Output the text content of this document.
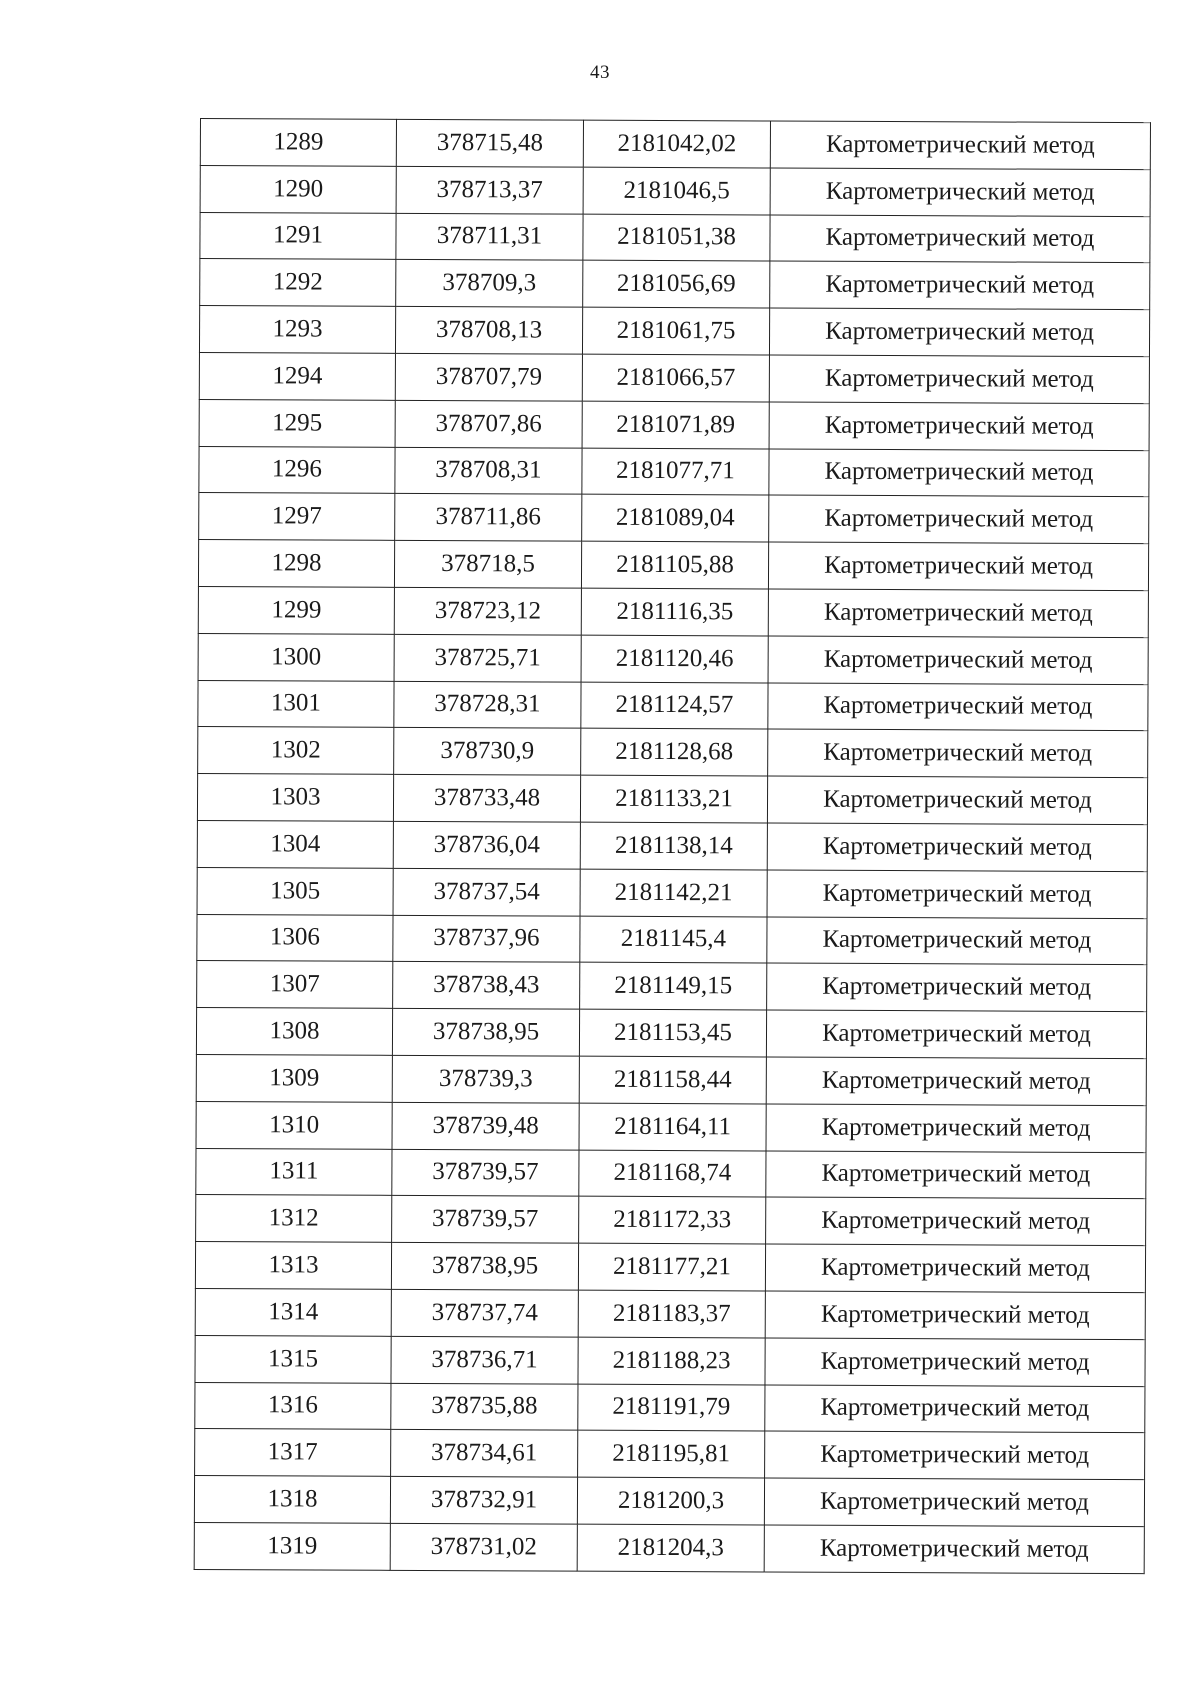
43
1289	378715,48	2181042,02	Картометрический метод
1290	378713,37	2181046,5	Картометрический метод
1291	378711,31	2181051,38	Картометрический метод
1292	378709,3	2181056,69	Картометрический метод
1293	378708,13	2181061,75	Картометрический метод
1294	378707,79	2181066,57	Картометрический метод
1295	378707,86	2181071,89	Картометрический метод
1296	378708,31	2181077,71	Картометрический метод
1297	378711,86	2181089,04	Картометрический метод
1298	378718,5	2181105,88	Картометрический метод
1299	378723,12	2181116,35	Картометрический метод
1300	378725,71	2181120,46	Картометрический метод
1301	378728,31	2181124,57	Картометрический метод
1302	378730,9	2181128,68	Картометрический метод
1303	378733,48	2181133,21	Картометрический метод
1304	378736,04	2181138,14	Картометрический метод
1305	378737,54	2181142,21	Картометрический метод
1306	378737,96	2181145,4	Картометрический метод
1307	378738,43	2181149,15	Картометрический метод
1308	378738,95	2181153,45	Картометрический метод
1309	378739,3	2181158,44	Картометрический метод
1310	378739,48	2181164,11	Картометрический метод
1311	378739,57	2181168,74	Картометрический метод
1312	378739,57	2181172,33	Картометрический метод
1313	378738,95	2181177,21	Картометрический метод
1314	378737,74	2181183,37	Картометрический метод
1315	378736,71	2181188,23	Картометрический метод
1316	378735,88	2181191,79	Картометрический метод
1317	378734,61	2181195,81	Картометрический метод
1318	378732,91	2181200,3	Картометрический метод
1319	378731,02	2181204,3	Картометрический метод
